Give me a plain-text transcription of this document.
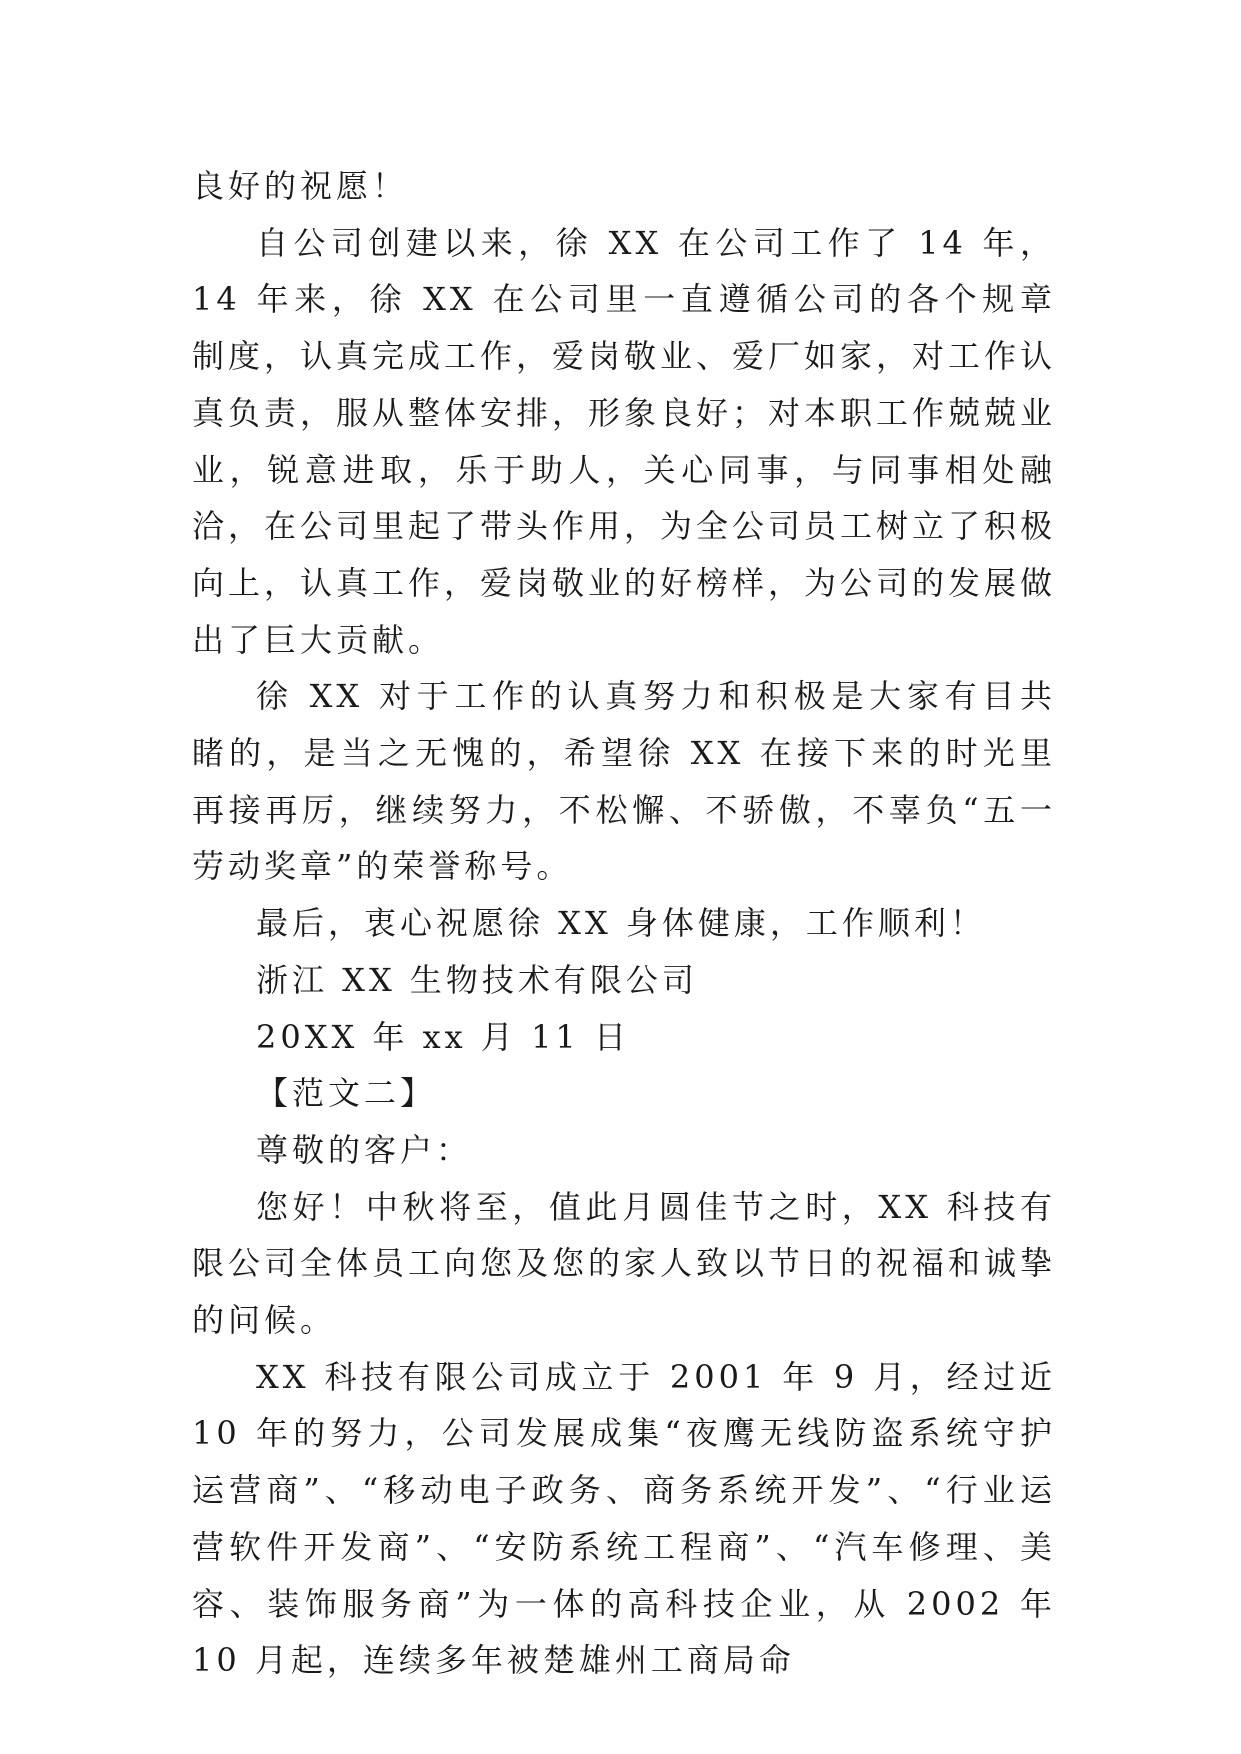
良好的祝愿！

自公司创建以来，徐 XX 在公司工作了 14 年，14 年来，徐 XX 在公司里一直遵循公司的各个规章制度，认真完成工作，爱岗敬业、爱厂如家，对工作认真负责，服从整体安排，形象良好；对本职工作兢兢业业，锐意进取，乐于助人，关心同事，与同事相处融洽，在公司里起了带头作用，为全公司员工树立了积极向上，认真工作，爱岗敬业的好榜样，为公司的发展做出了巨大贡献。

徐 XX 对于工作的认真努力和积极是大家有目共睹的，是当之无愧的，希望徐 XX 在接下来的时光里再接再厉，继续努力，不松懈、不骄傲，不辜负“五一劳动奖章”的荣誉称号。

最后，衷心祝愿徐 XX 身体健康，工作顺利！

浙江 XX 生物技术有限公司

20XX 年 xx 月 11 日

【范文二】

尊敬的客户：

您好！中秋将至，值此月圆佳节之时，XX 科技有限公司全体员工向您及您的家人致以节日的祝福和诚挚的问候。

XX 科技有限公司成立于 2001 年 9 月，经过近 10 年的努力，公司发展成集“夜鹰无线防盗系统守护运营商”、“移动电子政务、商务系统开发”、“行业运营软件开发商”、“安防系统工程商”、“汽车修理、美容、装饰服务商”为一体的高科技企业，从 2002 年 10 月起，连续多年被楚雄州工商局命
